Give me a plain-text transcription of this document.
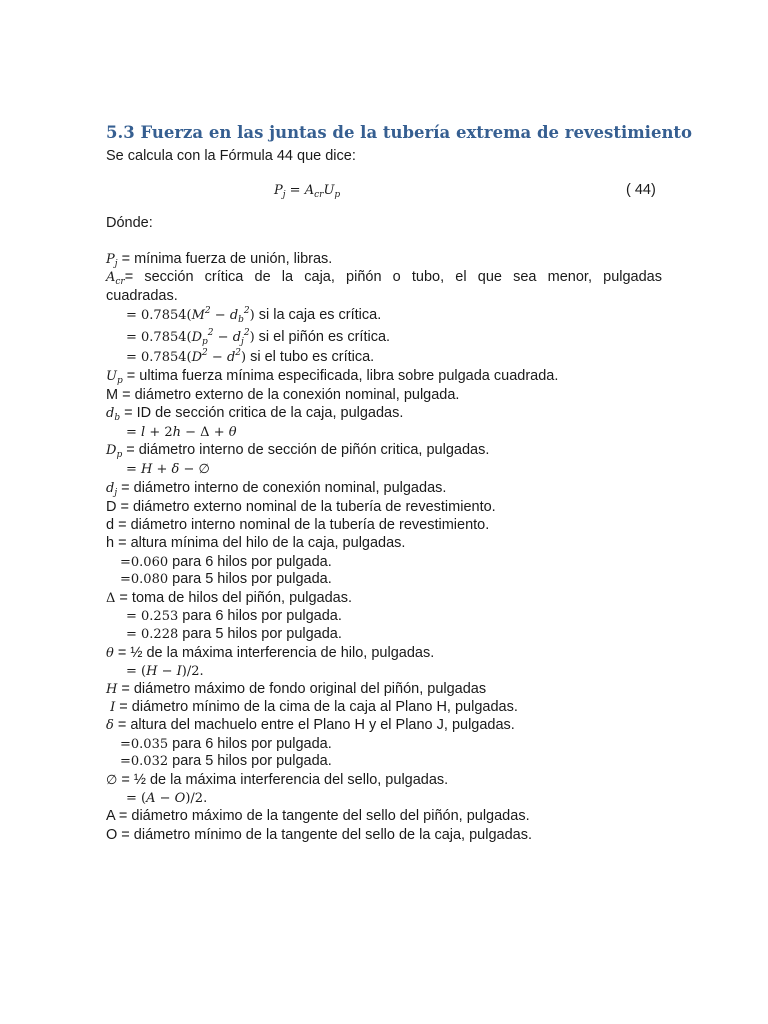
5.3 Fuerza en las juntas de la tubería extrema de revestimiento
Se calcula con la Fórmula 44 que dice:
$P_j = A_{cr}U_p$	( 44)
Dónde:
$P_j$ = mínima fuerza de unión, libras.
$A_{cr}=$ sección crítica de la caja, piñón o tubo, el que sea menor, pulgadas
cuadradas.
= $0.7854(M^2 - d_b^2)$ si la caja es crítica.
= $0.7854(D_p^2 - d_j^2)$ si el piñón es crítica.
= $0.7854(D^2 - d^2)$ si el tubo es crítica.
$U_p$ = ultima fuerza mínima especificada, libra sobre pulgada cuadrada.
M = diámetro externo de la conexión nominal, pulgada.
$d_b$ = ID de sección critica de la caja, pulgadas.
= l + 2h − Δ + θ
$D_p$ = diámetro interno de sección de piñón critica, pulgadas.
= H + δ − ∅
$d_j$ = diámetro interno de conexión nominal, pulgadas.
D = diámetro externo nominal de la tubería de revestimiento.
d = diámetro interno nominal de la tubería de revestimiento.
h = altura mínima del hilo de la caja, pulgadas.
=0.060 para 6 hilos por pulgada.
=0.080 para 5 hilos por pulgada.
Δ = toma de hilos del piñón, pulgadas.
= 0.253 para 6 hilos por pulgada.
= 0.228 para 5 hilos por pulgada.
θ = ½ de la máxima interferencia de hilo, pulgadas.
= (H − I)/2.
H = diámetro máximo de fondo original del piñón, pulgadas
I = diámetro mínimo de la cima de la caja al Plano H, pulgadas.
δ = altura del machuelo entre el Plano H y el Plano J, pulgadas.
=0.035 para 6 hilos por pulgada.
=0.032 para 5 hilos por pulgada.
∅ = ½ de la máxima interferencia del sello, pulgadas.
= (A − O)/2.
A = diámetro máximo de la tangente del sello del piñón, pulgadas.
O = diámetro mínimo de la tangente del sello de la caja, pulgadas.
